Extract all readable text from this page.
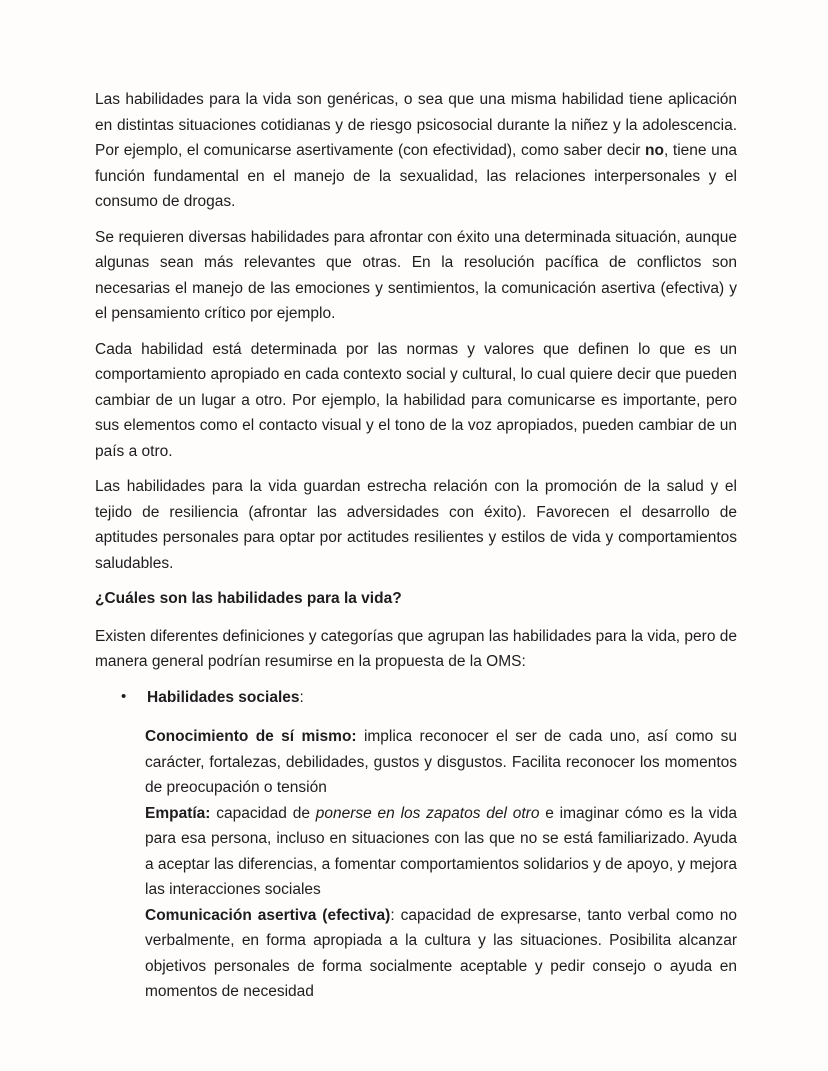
Las habilidades para la vida son genéricas, o sea que una misma habilidad tiene aplicación en distintas situaciones cotidianas y de riesgo psicosocial durante la niñez y la adolescencia. Por ejemplo, el comunicarse asertivamente (con efectividad), como saber decir no, tiene una función fundamental en el manejo de la sexualidad, las relaciones interpersonales y el consumo de drogas.

Se requieren diversas habilidades para afrontar con éxito una determinada situación, aunque algunas sean más relevantes que otras. En la resolución pacífica de conflictos son necesarias el manejo de las emociones y sentimientos, la comunicación asertiva (efectiva) y el pensamiento crítico por ejemplo.

Cada habilidad está determinada por las normas y valores que definen lo que es un comportamiento apropiado en cada contexto social y cultural, lo cual quiere decir que pueden cambiar de un lugar a otro. Por ejemplo, la habilidad para comunicarse es importante, pero sus elementos como el contacto visual y el tono de la voz apropiados, pueden cambiar de un país a otro.

Las habilidades para la vida guardan estrecha relación con la promoción de la salud y el tejido de resiliencia (afrontar las adversidades con éxito). Favorecen el desarrollo de aptitudes personales para optar por actitudes resilientes y estilos de vida y comportamientos saludables.

¿Cuáles son las habilidades para la vida?

Existen diferentes definiciones y categorías que agrupan las habilidades para la vida, pero de manera general podrían resumirse en la propuesta de la OMS:

• Habilidades sociales:

Conocimiento de sí mismo: implica reconocer el ser de cada uno, así como su carácter, fortalezas, debilidades, gustos y disgustos. Facilita reconocer los momentos de preocupación o tensión

Empatía: capacidad de ponerse en los zapatos del otro e imaginar cómo es la vida para esa persona, incluso en situaciones con las que no se está familiarizado. Ayuda a aceptar las diferencias, a fomentar comportamientos solidarios y de apoyo, y mejora las interacciones sociales

Comunicación asertiva (efectiva): capacidad de expresarse, tanto verbal como no verbalmente, en forma apropiada a la cultura y las situaciones. Posibilita alcanzar objetivos personales de forma socialmente aceptable y pedir consejo o ayuda en momentos de necesidad
